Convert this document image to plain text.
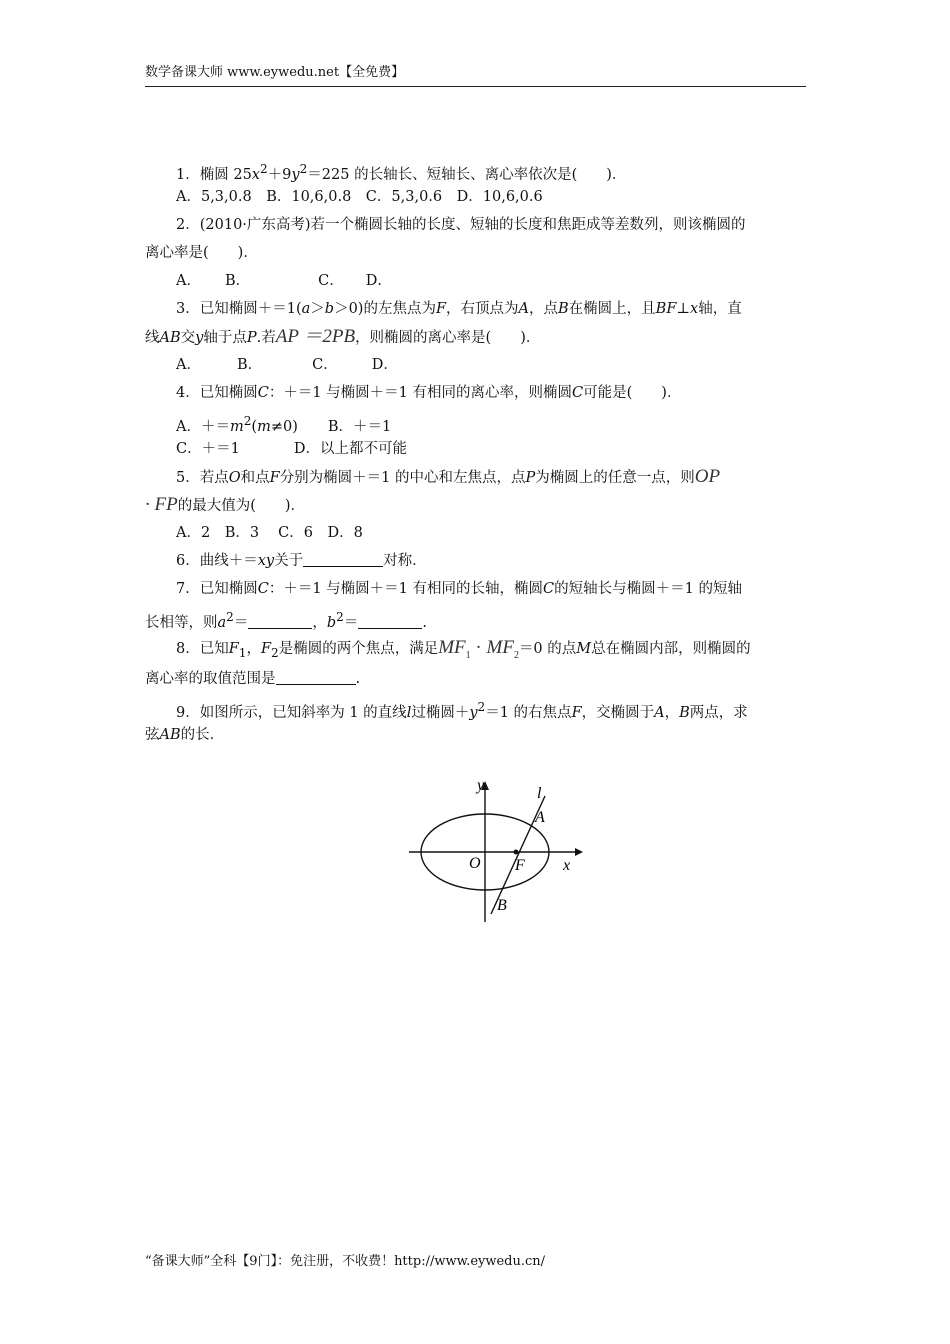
数学备课大师 www.eywedu.net【全免费】
1．椭圆 $25x^2+9y^2=225$ 的长轴长、短轴长、离心率依次是(　　)．
A．5,3,0.8　B．10,6,0.8　C．5,3,0.6　D．10,6,0.6
2．(2010·广东高考)若一个椭圆长轴的长度、短轴的长度和焦距成等差数列，则该椭圆的
离心率是(　　)．
A． B．	C． D．
3．已知椭圆＋＝1(a＞b＞0)的左焦点为F，右顶点为A，点B在椭圆上，且BF⊥x轴，直
线AB交y轴于点P.若AP ＝2PB，则椭圆的离心率是(　　)．
A． B．	C． D．
4．已知椭圆C：＋＝1 与椭圆＋＝1 有相同的离心率，则椭圆C可能是(　　)．
A．$+=m^2(m\ne 0)$ B．＋＝1
C．＋＝1	D．以上都不可能
5．若点O和点F分别为椭圆＋＝1 的中心和左焦点，点P为椭圆上的任意一点，则OP
· FP的最大值为(　　)．
A．2　B．3　 C．6　D．8
6．曲线＋＝xy关于	对称．
7．已知椭圆C：＋＝1 与椭圆＋＝1 有相同的长轴，椭圆C的短轴长与椭圆＋＝1 的短轴
长相等，则$a^2=$	，$b^2=$	.
8．已知$F_1$，$F_2$是椭圆的两个焦点，满足$MF_1 \cdot MF_2=0$ 的点M总在椭圆内部，则椭圆的
离心率的取值范围是	.
9．如图所示，已知斜率为 1 的直线l过椭圆$+y^2=1$ 的右焦点F，交椭圆于A，B两点，求
弦AB的长．
y
x
l
A
O F
B
“备课大师”全科【9门】：免注册，不收费！http://www.eywedu.cn/
